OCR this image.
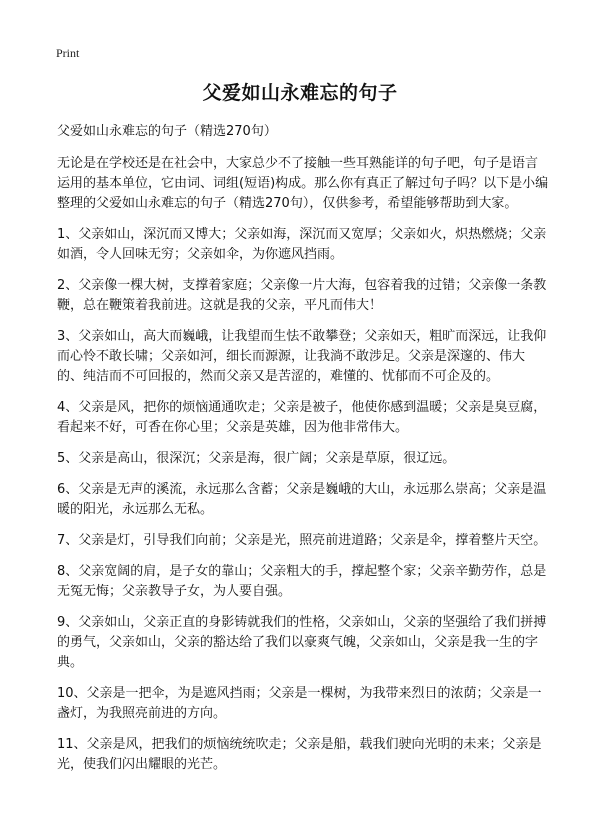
Print
父爱如山永难忘的句子

父爱如山永难忘的句子（精选270句）

无论是在学校还是在社会中，大家总少不了接触一些耳熟能详的句子吧，句子是语言运用的基本单位，它由词、词组(短语)构成。那么你有真正了解过句子吗？以下是小编整理的父爱如山永难忘的句子（精选270句），仅供参考，希望能够帮助到大家。

1、父亲如山，深沉而又博大；父亲如海，深沉而又宽厚；父亲如火，炽热燃烧；父亲如酒，令人回味无穷；父亲如伞，为你遮风挡雨。

2、父亲像一棵大树，支撑着家庭；父亲像一片大海，包容着我的过错；父亲像一条教鞭，总在鞭策着我前进。这就是我的父亲，平凡而伟大！

3、父亲如山，高大而巍峨，让我望而生怯不敢攀登；父亲如天，粗旷而深远，让我仰而心怜不敢长啸；父亲如河，细长而源源，让我淌不敢涉足。父亲是深邃的、伟大的、纯洁而不可回报的，然而父亲又是苦涩的，难懂的、忧郁而不可企及的。

4、父亲是风，把你的烦恼通通吹走；父亲是被子，他使你感到温暖；父亲是臭豆腐，看起来不好，可香在你心里；父亲是英雄，因为他非常伟大。

5、父亲是高山，很深沉；父亲是海，很广阔；父亲是草原，很辽远。

6、父亲是无声的溪流，永远那么含蓄；父亲是巍峨的大山，永远那么崇高；父亲是温暖的阳光，永远那么无私。

7、父亲是灯，引导我们向前；父亲是光，照亮前进道路；父亲是伞，撑着整片天空。

8、父亲宽阔的肩，是子女的靠山；父亲粗大的手，撑起整个家；父亲辛勤劳作，总是无冤无悔；父亲教导子女，为人要自强。

9、父亲如山，父亲正直的身影铸就我们的性格，父亲如山，父亲的坚强给了我们拼搏的勇气，父亲如山，父亲的豁达给了我们以豪爽气魄，父亲如山，父亲是我一生的字典。

10、父亲是一把伞，为是遮风挡雨；父亲是一棵树，为我带来烈日的浓荫；父亲是一盏灯，为我照亮前进的方向。

11、父亲是风，把我们的烦恼统统吹走；父亲是船，载我们驶向光明的未来；父亲是光，使我们闪出耀眼的光芒。
